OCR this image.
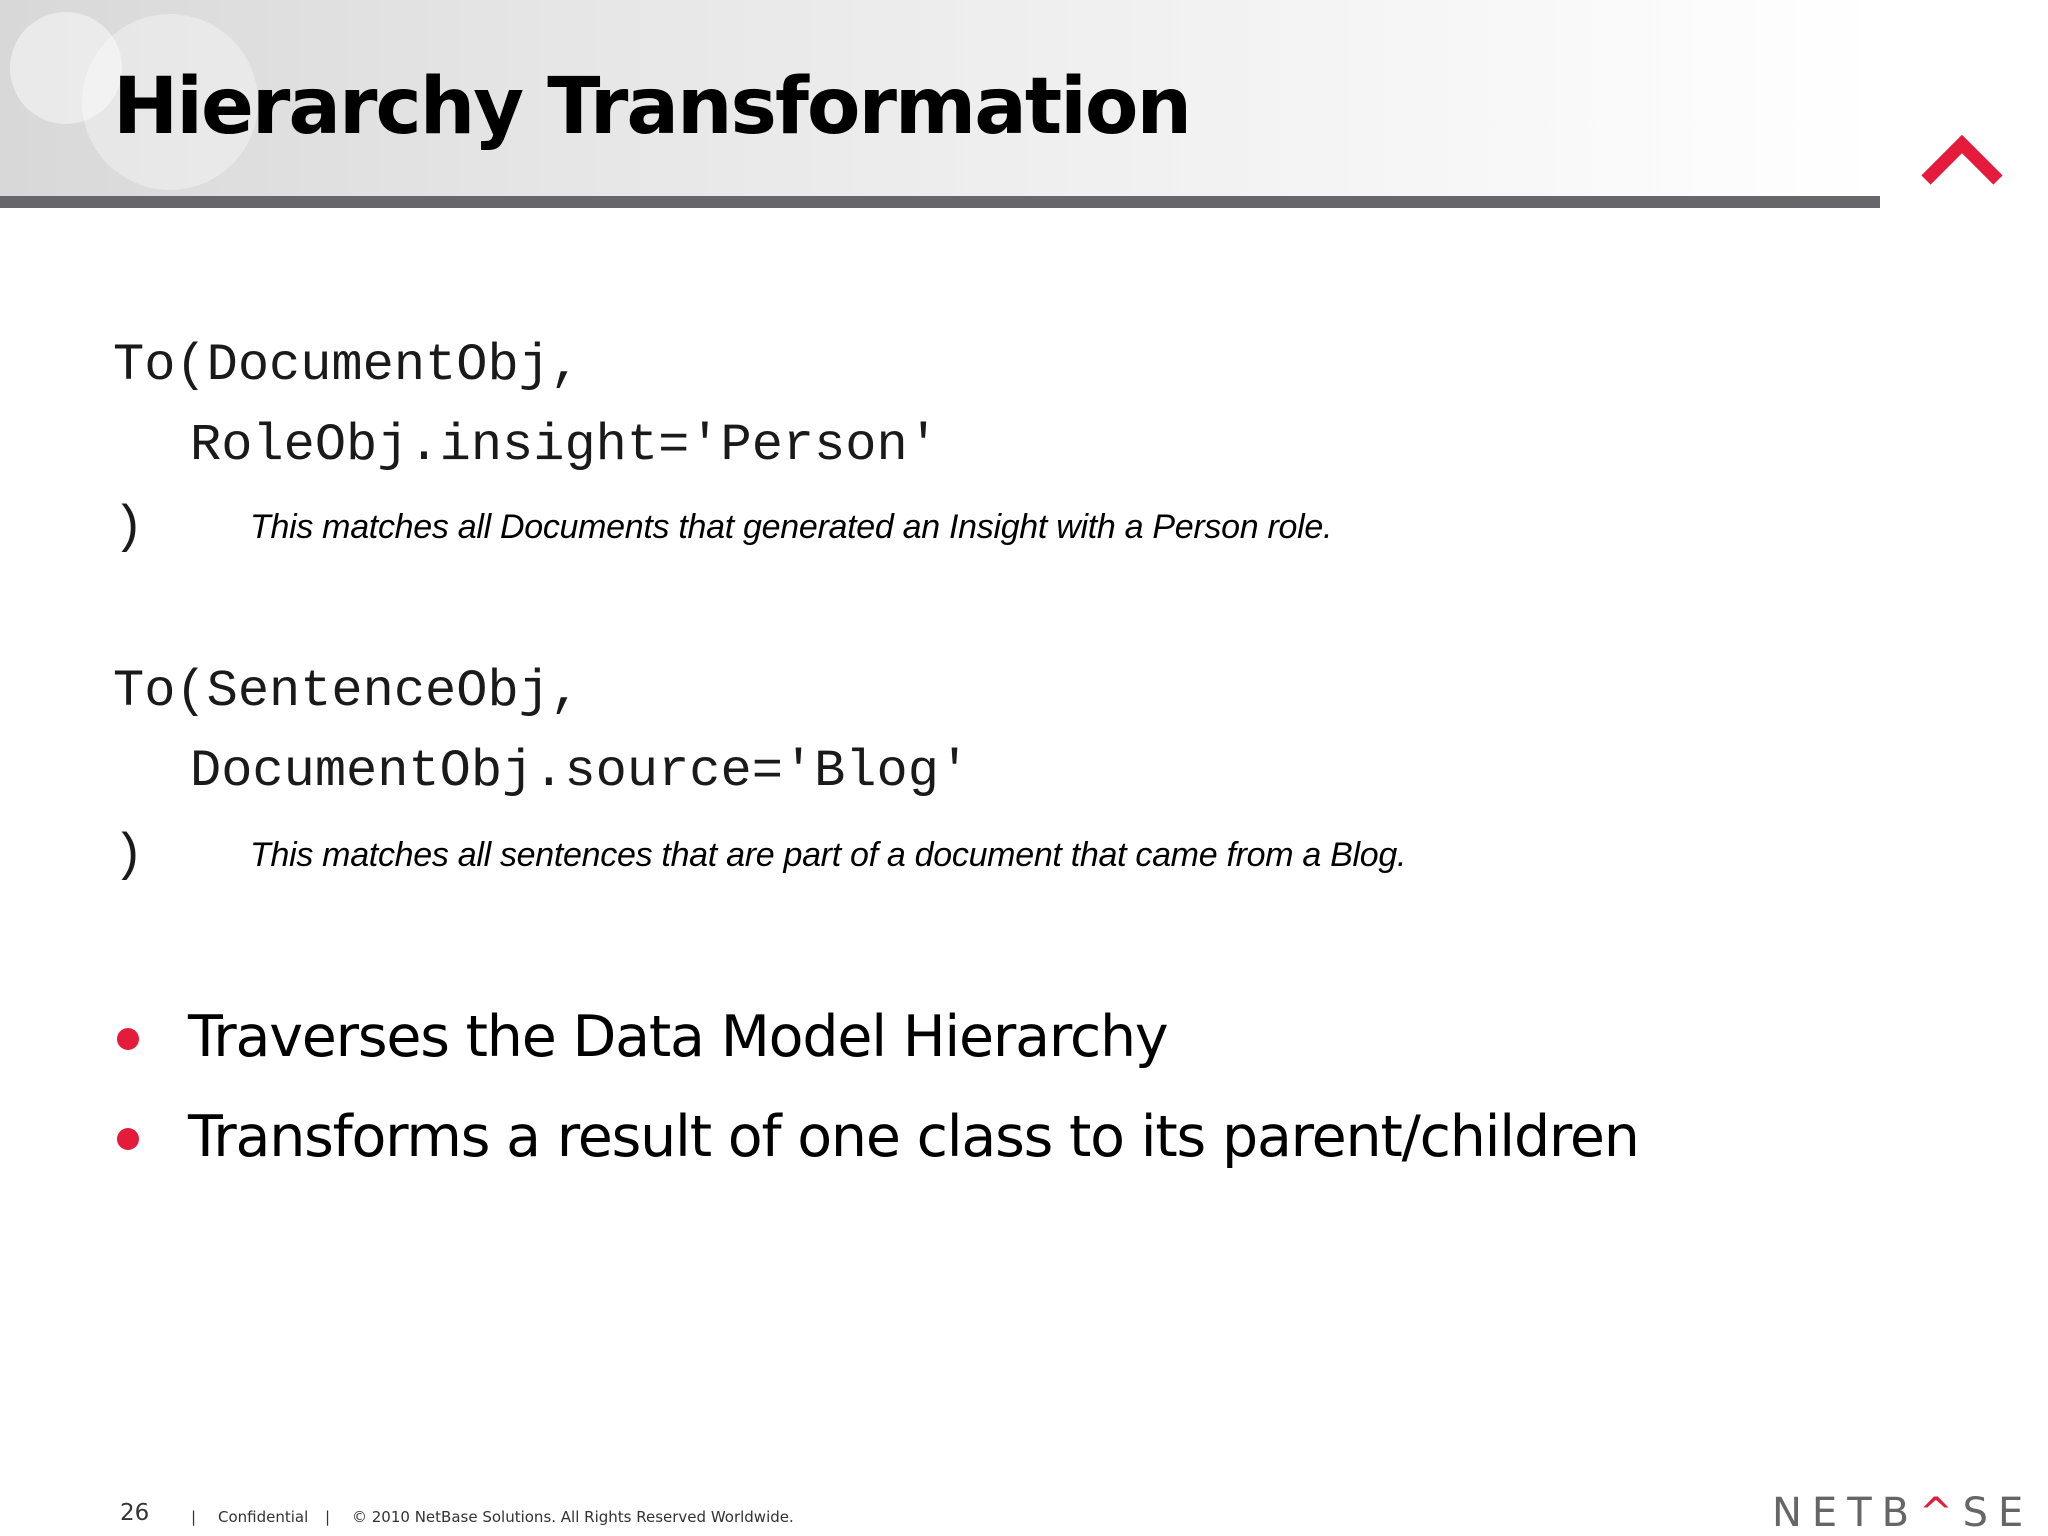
Hierarchy Transformation
To(DocumentObj,
RoleObj.insight='Person'
)	This matches all Documents that generated an Insight with a Person role.
To(SentenceObj,
DocumentObj.source='Blog'
)	This matches all sentences that are part of a document that came from a Blog.
Traverses the Data Model Hierarchy
Transforms a result of one class to its parent/children
26	| Confidential | © 2010 NetBase Solutions. All Rights Reserved Worldwide.	NETB^SE
